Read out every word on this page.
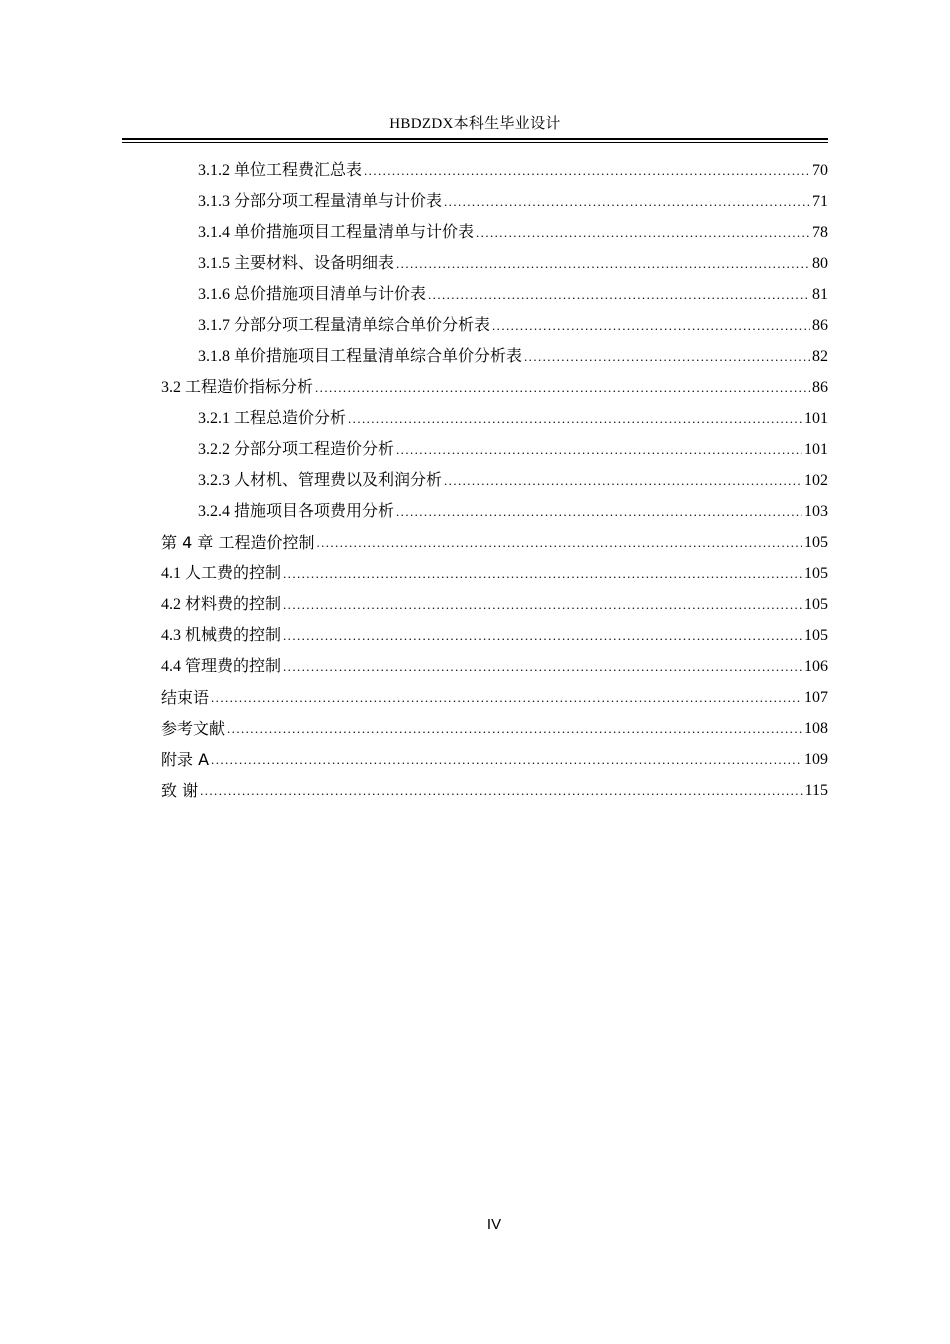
HBDZDX本科生毕业设计
3.1.2 单位工程费汇总表 .....	70
3.1.3 分部分项工程量清单与计价表 .....	71
3.1.4 单价措施项目工程量清单与计价表 .....	78
3.1.5 主要材料、设备明细表 .....	80
3.1.6 总价措施项目清单与计价表 .....	81
3.1.7 分部分项工程量清单综合单价分析表 .....	86
3.1.8 单价措施项目工程量清单综合单价分析表 .....	82
3.2 工程造价指标分析 .....	86
3.2.1 工程总造价分析 .....	101
3.2.2 分部分项工程造价分析 .....	101
3.2.3 人材机、管理费以及利润分析 .....	102
3.2.4 措施项目各项费用分析 .....	103
第 4 章 工程造价控制 .....	105
4.1 人工费的控制 .....	105
4.2 材料费的控制 .....	105
4.3 机械费的控制 .....	105
4.4 管理费的控制 .....	106
结束语 .....	107
参考文献 .....	108
附录 A .....	109
致 谢 .....	115
IV
